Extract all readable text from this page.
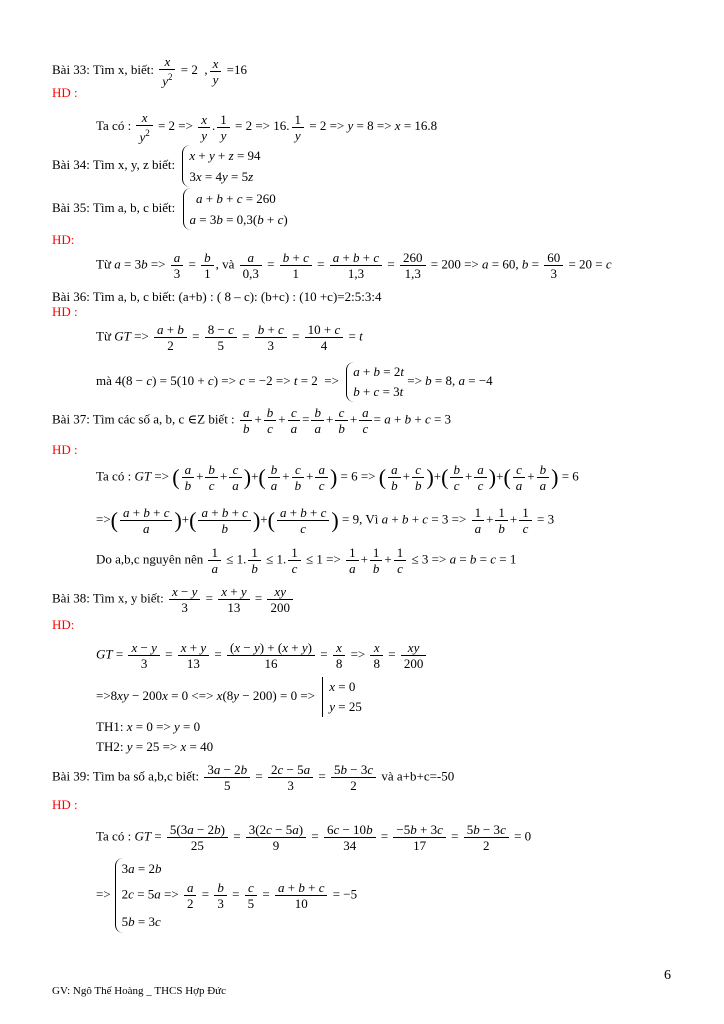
Bài 33: Tìm x, biết: $\frac{x}{y^2} = 2$  , $\frac{x}{y} =16$
HD :
Ta có : $\frac{x}{y^2} = 2 => \frac{x}{y}$ . $\frac{1}{y} = 2 => 16$. $\frac{1}{y} = 2 => y = 8 => x = 16.8$
Bài 34: Tìm x, y, z biết: x + y + z = 94
3x = 4y = 5z
Bài 35: Tìm a, b, c biết:   a + b + c = 260
a = 3b = 0,3(b + c)
HD:
Từ $a = 3b => \frac{a}{3} = \frac{b}{1}$ , và $\frac{a}{0,3} = \frac{b + c}{1} = \frac{a + b + c}{1,3} = \frac{260}{1,3} = 200 => a = 60$, $b = \frac{60}{3} = 20 = c$
Bài 36: Tìm a, b, c biết: (a+b) : ( 8 – c): (b+c) : (10 +c)=2:5:3:4
HD :
Từ GT => $\frac{a + b}{2} = \frac{8 - c}{5} = \frac{b + c}{3} = \frac{10 + c}{4} = t$
mà 4(8 − c) = 5(10 + c) => c = −2 => t = 2  => a + b = 2t
b + c = 3t => b = 8, a = −4
Bài 37: Tìm các số a, b, c ∈Z biết : $\frac{a}{b} + \frac{b}{c} + \frac{c}{a} = \frac{b}{a} + \frac{c}{b} + \frac{a}{c} = a + b + c = 3$
HD :
Ta có : GT => ( $\frac{a}{b} + \frac{b}{c} + \frac{c}{a}$ )+( $\frac{b}{a} + \frac{c}{b} + \frac{a}{c}$ ) = 6 => ( $\frac{a}{b} + \frac{c}{b}$ )+( $\frac{b}{c} + \frac{a}{c}$ )+( $\frac{c}{a} + \frac{b}{a}$ ) = 6
=>( $\frac{a + b + c}{a}$ )+( $\frac{a + b + c}{b}$ )+( $\frac{a + b + c}{c}$ ) = 9, Vì $a + b + c = 3 => \frac{1}{a} + \frac{1}{b} + \frac{1}{c} = 3$
Do a,b,c nguyên nên $\frac{1}{a} \le 1$. $\frac{1}{b} \le 1$. $\frac{1}{c} \le 1 => \frac{1}{a} + \frac{1}{b} + \frac{1}{c} \le 3 => a = b = c = 1$
Bài 38: Tìm x, y biết: $\frac{x - y}{3} = \frac{x + y}{13} = \frac{xy}{200}$
HD:
GT = $\frac{x - y}{3} = \frac{x + y}{13} = \frac{(x - y) + (x + y)}{16} = \frac{x}{8} => \frac{x}{8} = \frac{xy}{200}$
=>8xy − 200x = 0 <=> x(8y − 200) = 0 => x = 0
y = 25
TH1: x = 0 => y = 0
TH2: y = 25 => x = 40
Bài 39: Tìm ba số a,b,c biết: $\frac{3a - 2b}{5} = \frac{2c - 5a}{3} = \frac{5b - 3c}{2}$ và a+b+c=-50
HD :
Ta có : GT = $\frac{5(3a - 2b)}{25} = \frac{3(2c - 5a)}{9} = \frac{6c - 10b}{34} = \frac{-5b + 3c}{17} = \frac{5b - 3c}{2} = 0$
=>3a = 2b
$2c = 5a => \frac{a}{2} = \frac{b}{3} = \frac{c}{5} = \frac{a + b + c}{10} = -5$
5b = 3c
6
GV: Ngô Thế Hoàng _ THCS Hợp Đức
